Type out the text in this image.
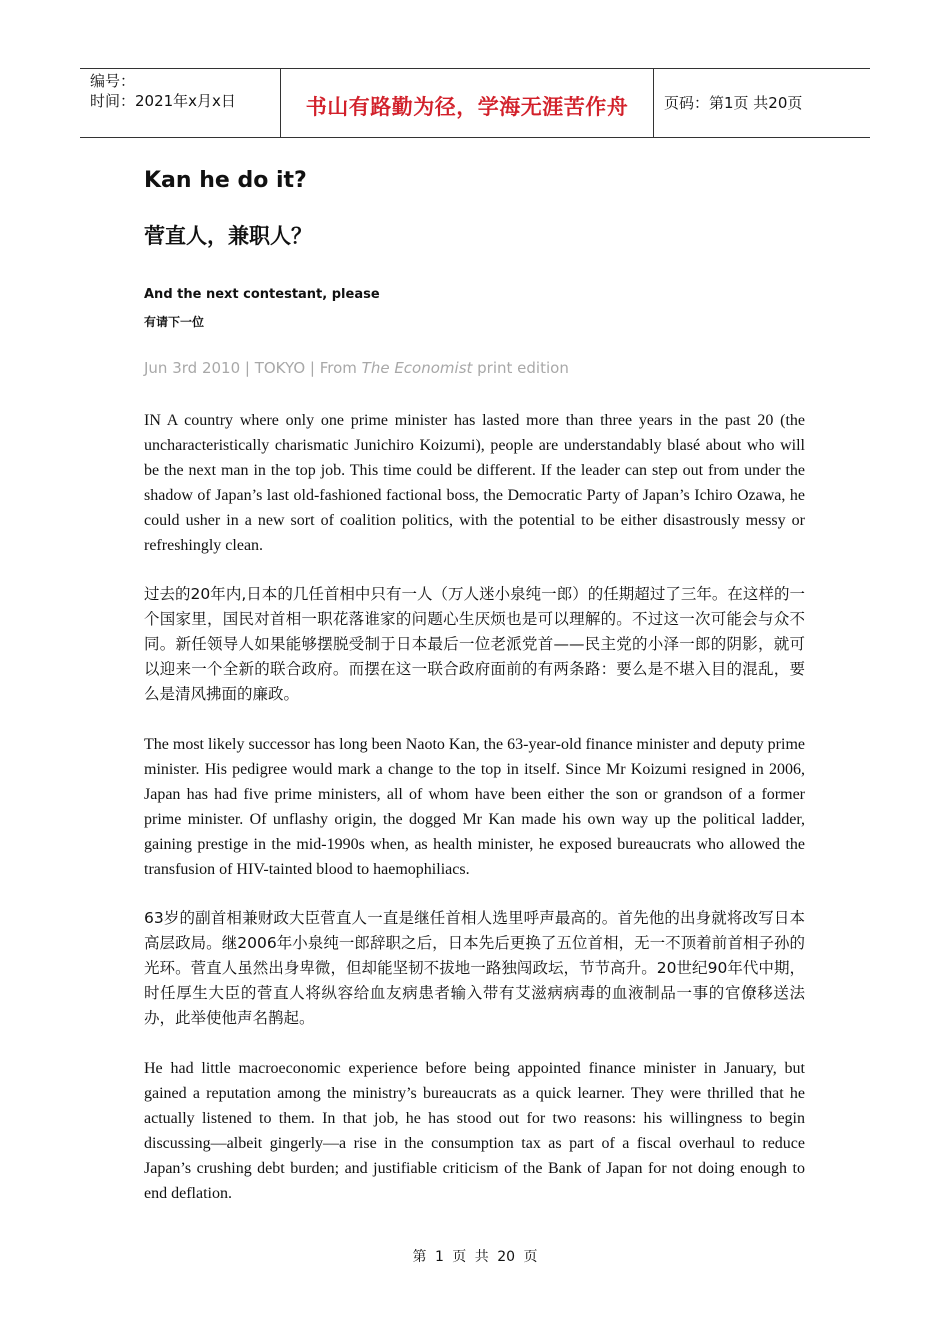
编号：
时间：2021年x月x日	书山有路勤为径，学海无涯苦作舟	页码：第1页 共20页
Kan he do it?
菅直人，兼职人？
And the next contestant, please
有请下一位
Jun 3rd 2010 | TOKYO | From The Economist print edition

IN A country where only one prime minister has lasted more than three years in the past 20 (the uncharacteristically charismatic Junichiro Koizumi), people are understandably blasé about who will be the next man in the top job. This time could be different. If the leader can step out from under the shadow of Japan’s last old-fashioned factional boss, the Democratic Party of Japan’s Ichiro Ozawa, he could usher in a new sort of coalition politics, with the potential to be either disastrously messy or refreshingly clean.

过去的20年内,日本的几任首相中只有一人（万人迷小泉纯一郎）的任期超过了三年。在这样的一个国家里，国民对首相一职花落谁家的问题心生厌烦也是可以理解的。不过这一次可能会与众不同。新任领导人如果能够摆脱受制于日本最后一位老派党首——民主党的小泽一郎的阴影，就可以迎来一个全新的联合政府。而摆在这一联合政府面前的有两条路：要么是不堪入目的混乱，要么是清风拂面的廉政。

The most likely successor has long been Naoto Kan, the 63-year-old finance minister and deputy prime minister. His pedigree would mark a change to the top in itself. Since Mr Koizumi resigned in 2006, Japan has had five prime ministers, all of whom have been either the son or grandson of a former prime minister. Of unflashy origin, the dogged Mr Kan made his own way up the political ladder, gaining prestige in the mid-1990s when, as health minister, he exposed bureaucrats who allowed the transfusion of HIV-tainted blood to haemophiliacs.

63岁的副首相兼财政大臣菅直人一直是继任首相人选里呼声最高的。首先他的出身就将改写日本高层政局。继2006年小泉纯一郎辞职之后，日本先后更换了五位首相，无一不顶着前首相子孙的光环。菅直人虽然出身卑微，但却能坚韧不拔地一路独闯政坛，节节高升。20世纪90年代中期，时任厚生大臣的菅直人将纵容给血友病患者输入带有艾滋病病毒的血液制品一事的官僚移送法办，此举使他声名鹊起。

He had little macroeconomic experience before being appointed finance minister in January, but gained a reputation among the ministry’s bureaucrats as a quick learner. They were thrilled that he actually listened to them. In that job, he has stood out for two reasons: his willingness to begin discussing—albeit gingerly—a rise in the consumption tax as part of a fiscal overhaul to reduce Japan’s crushing debt burden; and justifiable criticism of the Bank of Japan for not doing enough to end deflation.

第 1 页 共 20 页
